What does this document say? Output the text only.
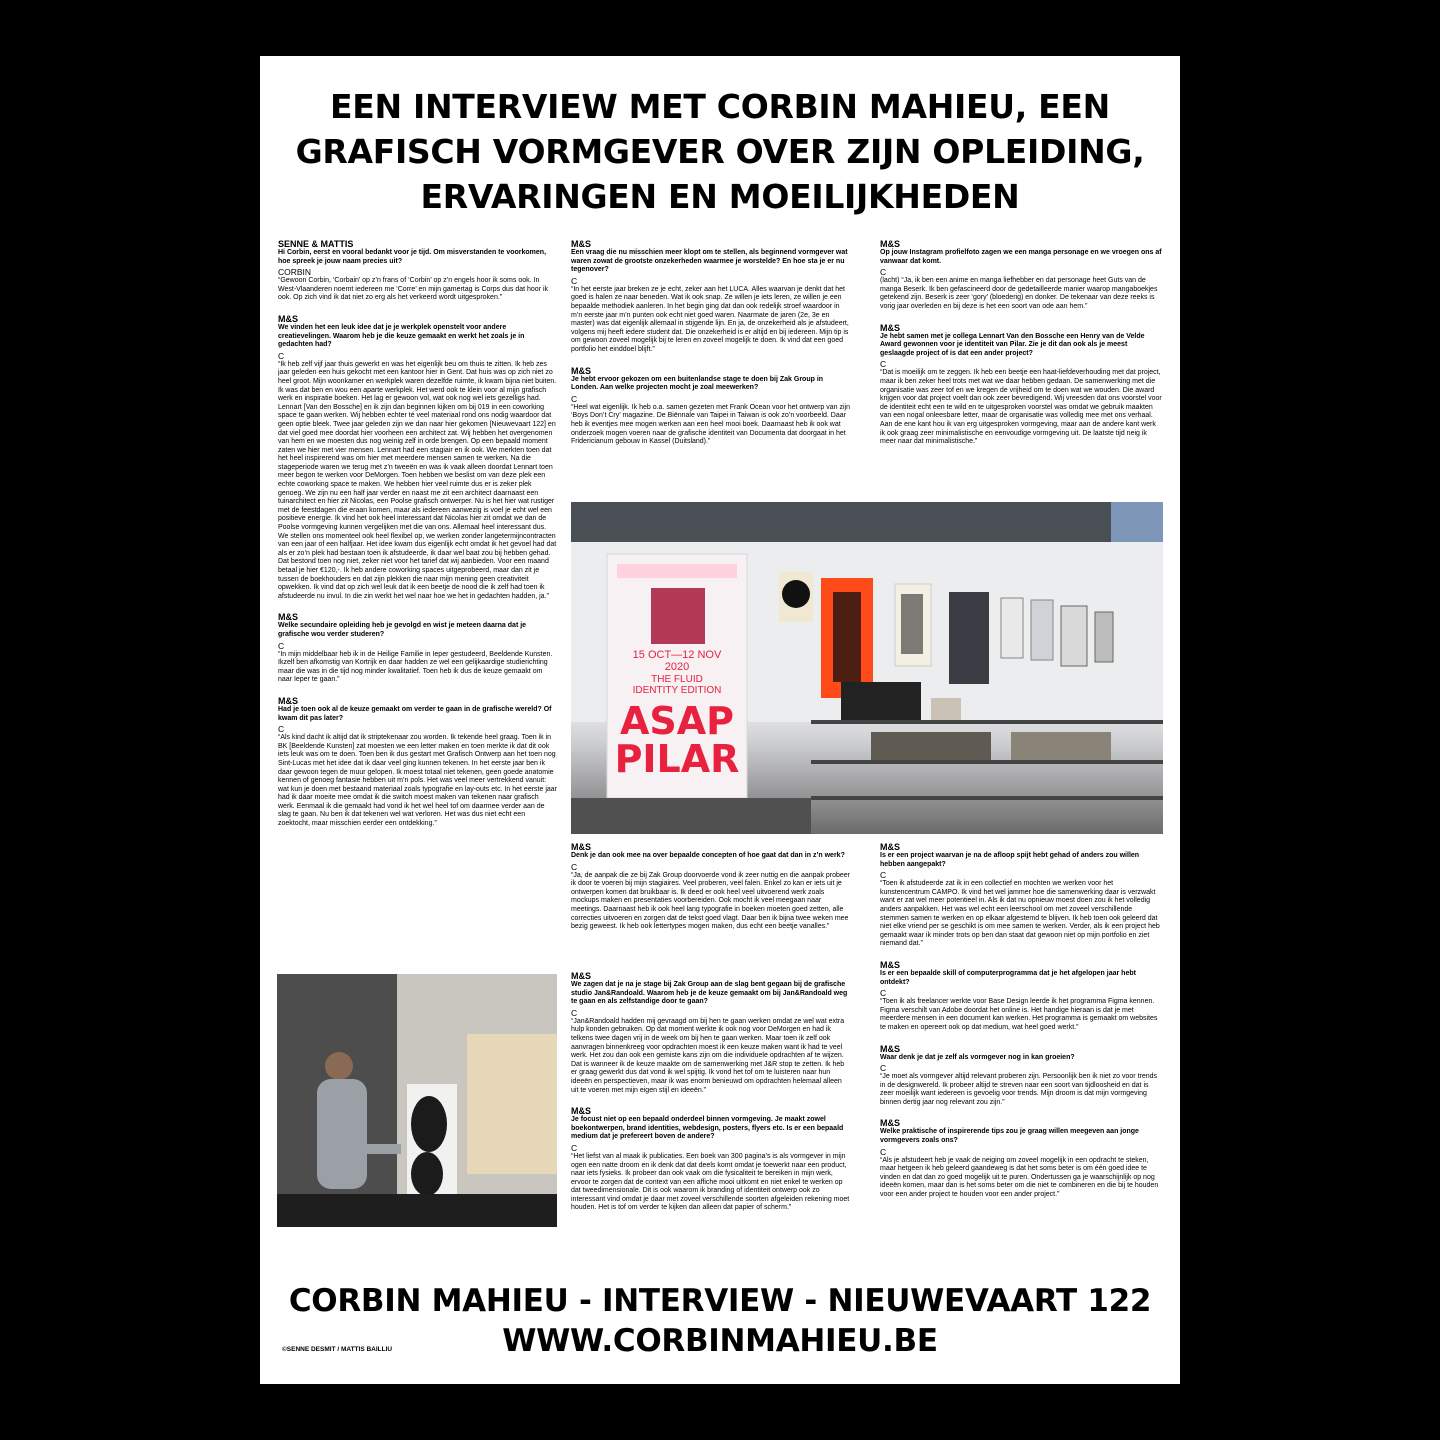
EEN INTERVIEW MET CORBIN MAHIEU, EEN
GRAFISCH VORMGEVER OVER ZIJN OPLEIDING,
ERVARINGEN EN MOEILIJKHEDEN
SENNE & MATTIS
Hi Corbin, eerst en vooral bedankt voor je tijd. Om misverstanden te voorkomen, hoe spreek je jouw naam precies uit?
CORBIN
“Gewoon Corbin, ‘Corbain’ op z’n frans of ‘Corbin’ op z’n engels hoor ik soms ook. In West-Vlaanderen noemt iedereen me ‘Corre’ en mijn gamertag is Corps dus dat hoor ik ook. Op zich vind ik dat niet zo erg als het verkeerd wordt uitgesproken.”
M&S
We vinden het een leuk idee dat je je werkplek openstelt voor andere creatievelingen. Waarom heb je die keuze gemaakt en werkt het zoals je in gedachten had?
C
“Ik heb zelf vijf jaar thuis gewerkt en was het eigenlijk beu om thuis te zitten. Ik heb zes jaar geleden een huis gekocht met een kantoor hier in Gent. Dat huis was op zich niet zo heel groot. Mijn woonkamer en werkplek waren dezelfde ruimte, ik kwam bijna niet buiten. Ik was dat ben en wou een aparte werkplek. Het werd ook te klein voor al mijn grafisch werk en inspiratie boeken. Het lag er gewoon vol, wat ook nog wel iets gezelligs had. Lennart [Van den Bossche] en ik zijn dan beginnen kijken om bij 019 in een coworking space te gaan werken. Wij hebben echter té veel materiaal rond ons nodig waardoor dat geen optie bleek. Twee jaar geleden zijn we dan naar hier gekomen [Nieuwevaart 122] en dat viel goed mee doordat hier voorheen een architect zat. Wij hebben het overgenomen van hem en we moesten dus nog weinig zelf in orde brengen. Op een bepaald moment zaten we hier met vier mensen. Lennart had een stagiair en ik ook. We merkten toen dat het heel inspirerend was om hier met meerdere mensen samen te werken. Na die stageperiode waren we terug met z’n tweeën en was ik vaak alleen doordat Lennart toen meer begon te werken voor DeMorgen. Toen hebben we beslist om van deze plek een echte coworking space te maken. We hebben hier veel ruimte dus er is zeker plek genoeg. We zijn nu een half jaar verder en naast me zit een architect daarnaast een tuinarchitect en hier zit Nicolas, een Poolse grafisch ontwerper. Nu is het hier wat rustiger met de feestdagen die eraan komen, maar als iedereen aanwezig is voel je echt wel een positieve energie. Ik vind het ook heel interessant dat Nicolas hier zit omdat we dan de Poolse vormgeving kunnen vergelijken met die van ons. Allemaal heel interessant dus. We stellen ons momenteel ook heel flexibel op, we werken zonder langetermijncontracten van een jaar of een halfjaar. Het idee kwam dus eigenlijk echt omdat ik het gevoel had dat als er zo’n plek had bestaan toen ik afstudeerde, ik daar wel baat zou bij hebben gehad. Dat bestond toen nog niet, zeker niet voor het tarief dat wij aanbieden. Voor een maand betaal je hier €120,-. Ik heb andere coworking spaces uitgeprobeerd, maar dan zit je tussen de boekhouders en dat zijn plekken die naar mijn mening geen creativiteit opwekken. Ik vind dat op zich wel leuk dat ik een beetje de nood die ik zelf had toen ik afstudeerde nu invul. In die zin werkt het wel naar hoe we het in gedachten hadden, ja.”
M&S
Welke secundaire opleiding heb je gevolgd en wist je meteen daarna dat je grafische wou verder studeren?
C
“In mijn middelbaar heb ik in de Heilige Familie in Ieper gestudeerd, Beeldende Kunsten. Ikzelf ben afkomstig van Kortrijk en daar hadden ze wel een gelijkaardige studierichting maar die was in die tijd nog minder kwalitatief. Toen heb ik dus de keuze gemaakt om naar Ieper te gaan.”
M&S
Had je toen ook al de keuze gemaakt om verder te gaan in de grafische wereld? Of kwam dit pas later?
C
“Als kind dacht ik altijd dat ik striptekenaar zou worden. Ik tekende heel graag. Toen ik in BK [Beeldende Kunsten] zat moesten we een letter maken en toen merkte ik dat dit ook iets leuk was om te doen. Toen ben ik dus gestart met Grafisch Ontwerp aan het toen nog Sint-Lucas met het idee dat ik daar veel ging kunnen tekenen. In het eerste jaar ben ik daar gewoon tegen de muur gelopen. Ik moest totaal niet tekenen, geen goede anatomie kennen of genoeg fantasie hebben uit m’n pols. Het was veel meer vertrekkend vanuit: wat kun je doen met bestaand materiaal zoals typografie en lay-outs etc. In het eerste jaar had ik daar moeite mee omdat ik die switch moest maken van tekenen naar grafisch werk. Eenmaal ik die gemaakt had vond ik het wel heel tof om daarmee verder aan de slag te gaan. Nu ben ik dat tekenen wel wat verloren. Het was dus niet echt een zoektocht, maar misschien eerder een ontdekking.”
M&S
Een vraag die nu misschien meer klopt om te stellen, als beginnend vormgever wat waren zowat de grootste onzekerheden waarmee je worstelde? En hoe sta je er nu tegenover?
C
“In het eerste jaar breken ze je echt, zeker aan het LUCA. Alles waarvan je denkt dat het goed is halen ze naar beneden. Wat ik ook snap. Ze willen je iets leren, ze willen je een bepaalde methodiek aanleren. In het begin ging dat dan ook redelijk stroef waardoor in m’n eerste jaar m’n punten ook echt niet goed waren. Naarmate de jaren (2e, 3e en master) was dat eigenlijk allemaal in stijgende lijn. En ja, de onzekerheid als je afstudeert, volgens mij heeft iedere student dat. Die onzekerheid is er altijd en bij iedereen. Mijn tip is om gewoon zoveel mogelijk bij te leren en zoveel mogelijk te doen. Ik vind dat een goed portfolio het einddoel blijft.”
M&S
Je hebt ervoor gekozen om een buitenlandse stage te doen bij Zak Group in Londen. Aan welke projecten mocht je zoal meewerken?
C
“Heel wat eigenlijk. Ik heb o.a. samen gezeten met Frank Ocean voor het ontwerp van zijn ‘Boys Don’t Cry’ magazine. De Biënnale van Taipei in Taiwan is ook zo’n voorbeeld. Daar heb ik eventjes mee mogen werken aan een heel mooi boek. Daarnaast heb ik ook wat onderzoek mogen voeren naar de grafische identiteit van Documenta dat doorgaat in het Fridericianum gebouw in Kassel (Duitsland).”
M&S
Op jouw Instagram profielfoto zagen we een manga personage en we vroegen ons af vanwaar dat komt.
C
(lacht) “Ja, ik ben een anime en manga liefhebber en dat personage heet Guts van de manga Beserk. Ik ben gefascineerd door de gedetailleerde manier waarop mangaboekjes getekend zijn. Beserk is zeer ‘gory’ (bloederig) en donker. De tekenaar van deze reeks is vorig jaar overleden en bij deze is het een soort van ode aan hem.”
M&S
Je hebt samen met je collega Lennart Van den Bossche een Henry van de Velde Award gewonnen voor je identiteit van Pilar. Zie je dit dan ook als je meest geslaagde project of is dat een ander project?
C
“Dat is moeilijk om te zeggen. Ik heb een beetje een haat-liefdeverhouding met dat project, maar ik ben zeker heel trots met wat we daar hebben gedaan. De samenwerking met die organisatie was zeer tof en we kregen de vrijheid om te doen wat we wouden. Die award krijgen voor dat project voelt dan ook zeer bevredigend. Wij vreesden dat ons voorstel voor de identiteit echt een te wild en te uitgesproken voorstel was omdat we gebruik maakten van een nogal onleesbare letter, maar de organisatie was volledig mee met ons verhaal. Aan de ene kant hou ik van erg uitgesproken vormgeving, maar aan de andere kant werk ik ook graag zeer minimalistische en eenvoudige vormgeving uit. De laatste tijd neig ik meer naar dat minimalistische.”
15 OCT—12 NOV
2020
THE FLUID
IDENTITY EDITION
ASAP
PILAR
M&S
Denk je dan ook mee na over bepaalde concepten of hoe gaat dat dan in z’n werk?
C
“Ja, de aanpak die ze bij Zak Group doorvoerde vond ik zeer nuttig en die aanpak probeer ik door te voeren bij mijn stagiaires. Veel proberen, veel falen. Enkel zo kan er iets uit je ontwerpen komen dat bruikbaar is. Ik deed er ook heel veel uitvoerend werk zoals mockups maken en presentaties voorbereiden. Ook mocht ik veel meegaan naar meetings. Daarnaast heb ik ook heel lang typografie in boeken moeten goed zetten, alle correcties uitvoeren en zorgen dat de tekst goed vlagt. Daar ben ik bijna twee weken mee bezig geweest. Ik heb ook lettertypes mogen maken, dus echt een beetje vanalles.”
M&S
Is er een project waarvan je na de afloop spijt hebt gehad of anders zou willen hebben aangepakt?
C
“Toen ik afstudeerde zat ik in een collectief en mochten we werken voor het kunstencentrum CAMPO. Ik vind het wel jammer hoe die samenwerking daar is verzwakt want er zat wel meer potentieel in. Als ik dat nu opnieuw moest doen zou ik het volledig anders aanpakken. Het was wel echt een leerschool om met zoveel verschillende stemmen samen te werken en op elkaar afgestemd te blijven. Ik heb toen ook geleerd dat niet elke vriend per se geschikt is om mee samen te werken. Verder, als ik een project heb gemaakt waar ik minder trots op ben dan staat dat gewoon niet op mijn portfolio en ziet niemand dat.”
M&S
Is er een bepaalde skill of computerprogramma dat je het afgelopen jaar hebt ontdekt?
C
“Toen ik als freelancer werkte voor Base Design leerde ik het programma Figma kennen. Figma verschilt van Adobe doordat het online is. Het handige hieraan is dat je met meerdere mensen in een document kan werken. Het programma is gemaakt om websites te maken en opereert ook op dat medium, wat heel goed werkt.”
M&S
Waar denk je dat je zelf als vormgever nog in kan groeien?
C
“Je moet als vormgever altijd relevant proberen zijn. Persoonlijk ben ik niet zo voor trends in de designwereld. Ik probeer altijd te streven naar een soort van tijdloosheid en dat is zeer moeilijk want iedereen is gevoelig voor trends. Mijn droom is dat mijn vormgeving binnen dertig jaar nog relevant zou zijn.”
M&S
Welke praktische of inspirerende tips zou je graag willen meegeven aan jonge vormgevers zoals ons?
C
“Als je afstudeert heb je vaak de neiging om zoveel mogelijk in een opdracht te steken, maar hetgeen ik heb geleerd gaandeweg is dat het soms beter is om één goed idee te vinden en dat dan zo goed mogelijk uit te puren. Ondertussen ga je waarschijnlijk op nog ideeën komen, maar dan is het soms beter om die niet te combineren en die bij te houden voor een ander project te houden voor een ander project.”
M&S
We zagen dat je na je stage bij Zak Group aan de slag bent gegaan bij de grafische studio Jan&Randoald. Waarom heb je de keuze gemaakt om bij Jan&Randoald weg te gaan en als zelfstandige door te gaan?
C
“Jan&Randoald hadden mij gevraagd om bij hen te gaan werken omdat ze wel wat extra hulp konden gebruiken. Op dat moment werkte ik ook nog voor DeMorgen en had ik telkens twee dagen vrij in de week om bij hen te gaan werken. Maar toen ik zelf ook aanvragen binnenkreeg voor opdrachten moest ik een keuze maken want ik had te veel werk. Het zou dan ook een gemiste kans zijn om die individuele opdrachten af te wijzen. Dat is wanneer ik de keuze maakte om de samenwerking met J&R stop te zetten. Ik heb er graag gewerkt dus dat vond ik wel spijtig. Ik vond het tof om te luisteren naar hun ideeën en perspectieven, maar ik was enorm benieuwd om opdrachten helemaal alleen uit te voeren met mijn eigen stijl en ideeën.”
M&S
Je focust niet op een bepaald onderdeel binnen vormgeving. Je maakt zowel boekontwerpen, brand identities, webdesign, posters, flyers etc. Is er een bepaald medium dat je prefereert boven de andere?
C
“Het liefst van al maak ik publicaties. Een boek van 300 pagina’s is als vormgever in mijn ogen een natte droom en ik denk dat dat deels komt omdat je toewerkt naar een product, naar iets fysieks. Ik probeer dan ook vaak om die fysicaliteit te bereiken in mijn werk, ervoor te zorgen dat de context van een affiche mooi uitkomt en niet enkel te werken op dat tweedimensionale. Dit is ook waarom ik branding of identiteit ontwerp ook zo interessant vind omdat je daar met zoveel verschillende soorten afgeleiden rekening moet houden. Het is tof om verder te kijken dan alleen dat papier of scherm.”
CORBIN MAHIEU - INTERVIEW - NIEUWEVAART 122
WWW.CORBINMAHIEU.BE
©SENNE DESMIT / MATTIS BAILLIU
